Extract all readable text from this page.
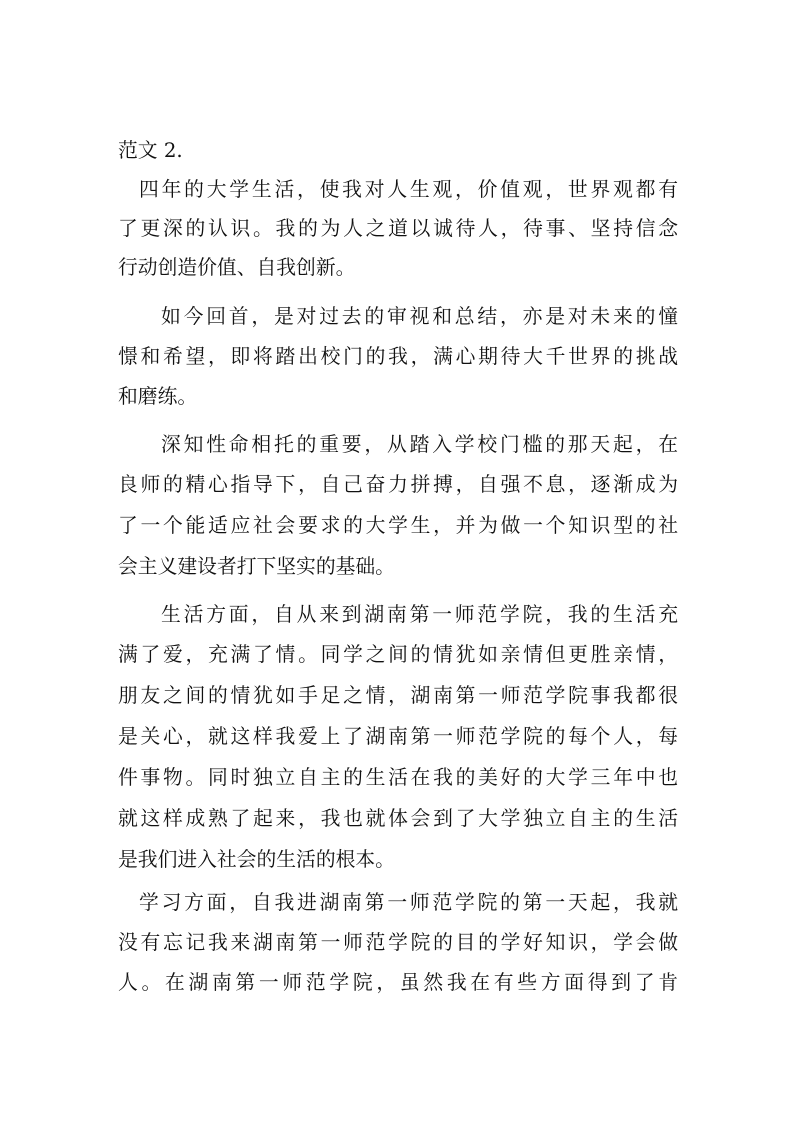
范文 2.
四年的大学生活，使我对人生观，价值观，世界观都有
了更深的认识。我的为人之道以诚待人，待事、坚持信念
行动创造价值、自我创新。
如今回首，是对过去的审视和总结，亦是对未来的憧
憬和希望，即将踏出校门的我，满心期待大千世界的挑战
和磨练。
深知性命相托的重要，从踏入学校门槛的那天起，在
良师的精心指导下，自己奋力拼搏，自强不息，逐渐成为
了一个能适应社会要求的大学生，并为做一个知识型的社
会主义建设者打下坚实的基础。
生活方面，自从来到湖南第一师范学院，我的生活充
满了爱，充满了情。同学之间的情犹如亲情但更胜亲情，
朋友之间的情犹如手足之情，湖南第一师范学院事我都很
是关心，就这样我爱上了湖南第一师范学院的每个人，每
件事物。同时独立自主的生活在我的美好的大学三年中也
就这样成熟了起来，我也就体会到了大学独立自主的生活
是我们进入社会的生活的根本。
学习方面，自我进湖南第一师范学院的第一天起，我就
没有忘记我来湖南第一师范学院的目的学好知识，学会做
人。在湖南第一师范学院，虽然我在有些方面得到了肯
